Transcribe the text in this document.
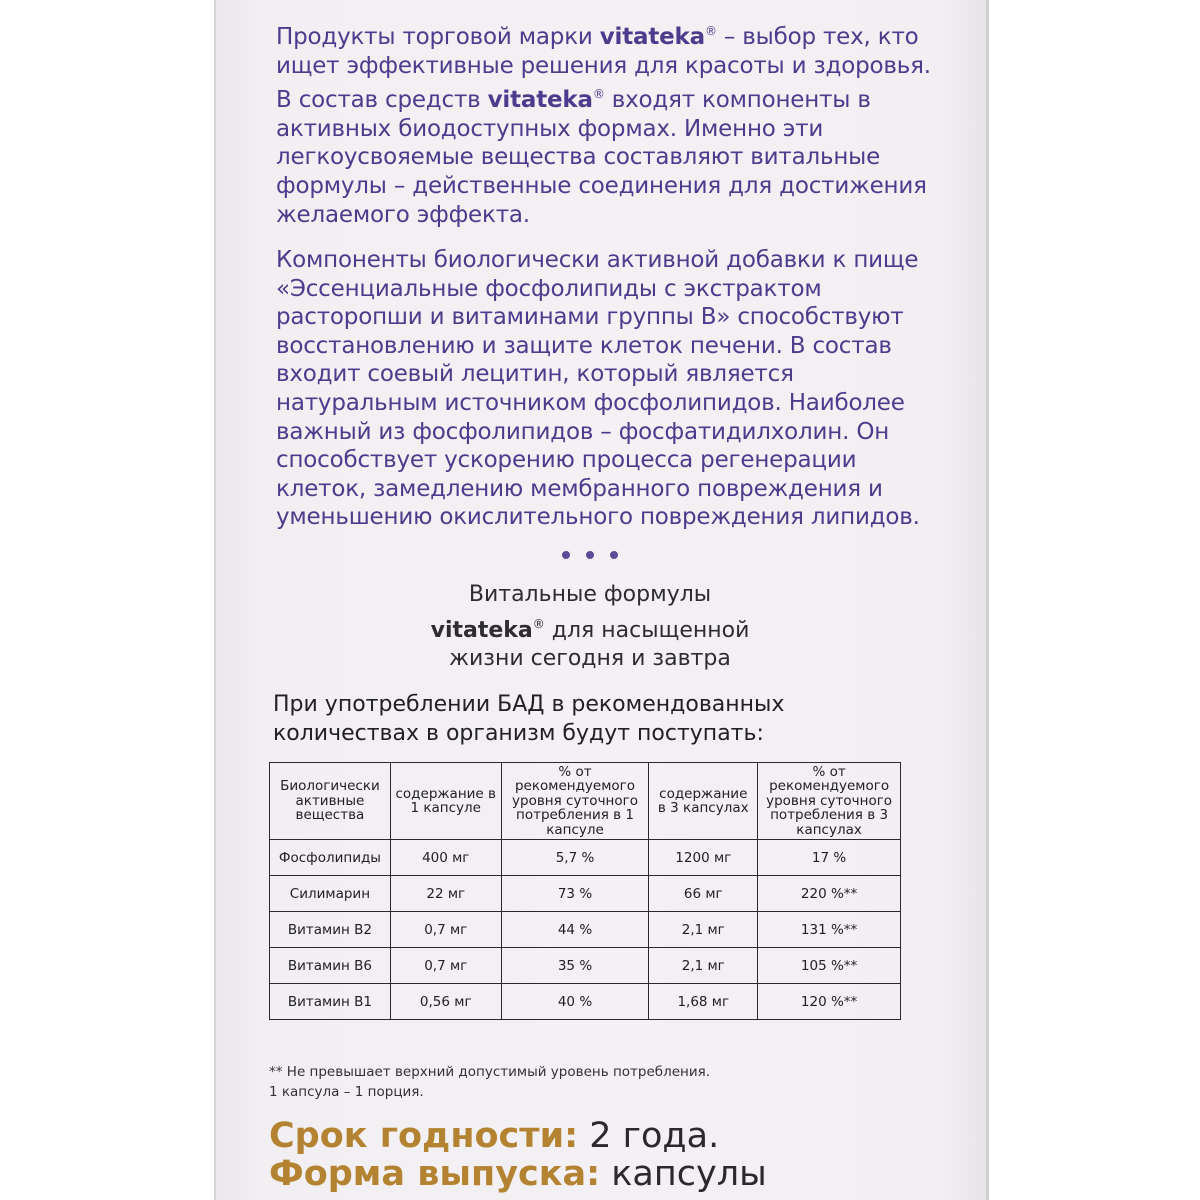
Продукты торговой марки vitateka® – выбор тех, кто
ищет эффективные решения для красоты и здоровья.
В состав средств vitateka® входят компоненты в
активных биодоступных формах. Именно эти
легкоусвояемые вещества составляют витальные
формулы – действенные соединения для достижения
желаемого эффекта.

Компоненты биологически активной добавки к пище
«Эссенциальные фосфолипиды с экстрактом
расторопши и витаминами группы В» способствуют
восстановлению и защите клеток печени. В состав
входит соевый лецитин, который является
натуральным источником фосфолипидов. Наиболее
важный из фосфолипидов – фосфатидилхолин. Он
способствует ускорению процесса регенерации
клеток, замедлению мембранного повреждения и
уменьшению окислительного повреждения липидов.

Витальные формулы
vitateka® для насыщенной
жизни сегодня и завтра

При употреблении БАД в рекомендованных
количествах в организм будут поступать:

Биологически активные вещества	содержание в 1 капсуле	% от рекомендуемого уровня суточного потребления в 1 капсуле	содержание в 3 капсулах	% от рекомендуемого уровня суточного потребления в 3 капсулах
Фосфолипиды	400 мг	5,7 %	1200 мг	17 %
Силимарин	22 мг	73 %	66 мг	220 %**
Витамин B2	0,7 мг	44 %	2,1 мг	131 %**
Витамин B6	0,7 мг	35 %	2,1 мг	105 %**
Витамин B1	0,56 мг	40 %	1,68 мг	120 %**

** Не превышает верхний допустимый уровень потребления.
1 капсула – 1 порция.

Срок годности: 2 года.

Форма выпуска: капсулы
